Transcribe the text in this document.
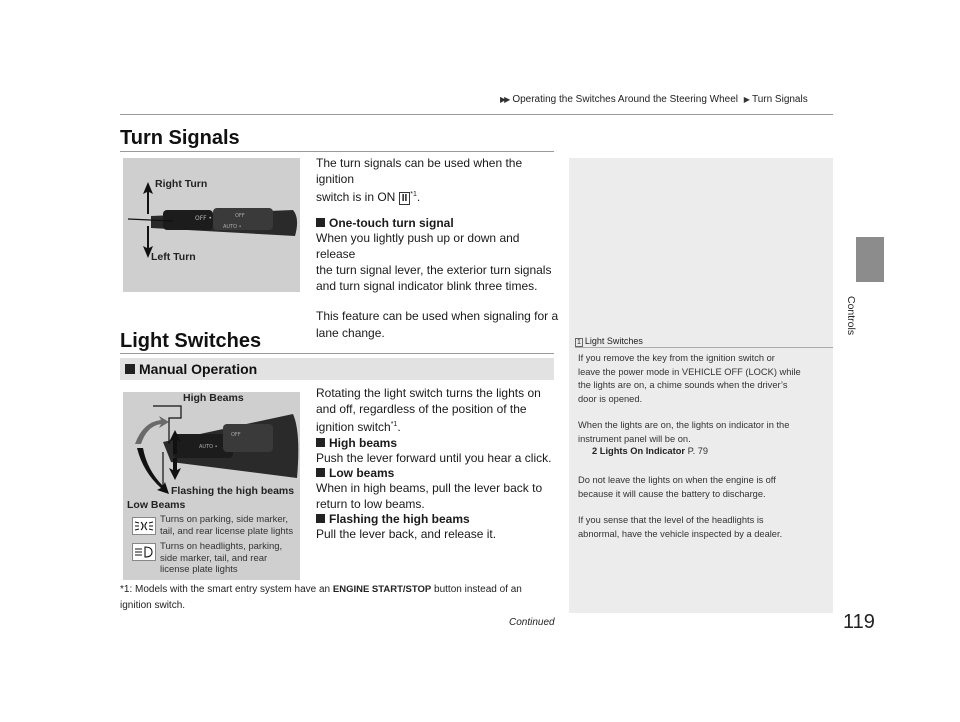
▶▶ Operating the Switches Around the Steering Wheel ▶ Turn Signals
Controls
Turn Signals
OFF •
AUTO •
OFF
Right Turn
Left Turn

The turn signals can be used when the ignition

switch is in ON II $^{*1}$.

One-touch turn signal

When you lightly push up or down and release

the turn signal lever, the exterior turn signals

and turn signal indicator blink three times.

This feature can be used when signaling for a

lane change.

1 Light Switches

If you remove the key from the ignition switch or
leave the power mode in VEHICLE OFF (LOCK) while
the lights are on, a chime sounds when the driver’s
door is opened.

When the lights are on, the lights on indicator in the
instrument panel will be on.

2 Lights On Indicator P. 79

Do not leave the lights on when the engine is off
because it will cause the battery to discharge.

If you sense that the level of the headlights is
abnormal, have the vehicle inspected by a dealer.

Light Switches
Manual Operation
OFF
AUTO •
High Beams
Flashing the high beams
Low Beams
Turns on parking, side marker,
tail, and rear license plate lights
Turns on headlights, parking,
side marker, tail, and rear
license plate lights

Rotating the light switch turns the lights on

and off, regardless of the position of the

ignition switch$^{*1}$.

High beams

Push the lever forward until you hear a click.

Low beams

When in high beams, pull the lever back to

return to low beams.

Flashing the high beams

Pull the lever back, and release it.

*1: Models with the smart entry system have an ENGINE START/STOP button instead of an
ignition switch.

Continued	119
